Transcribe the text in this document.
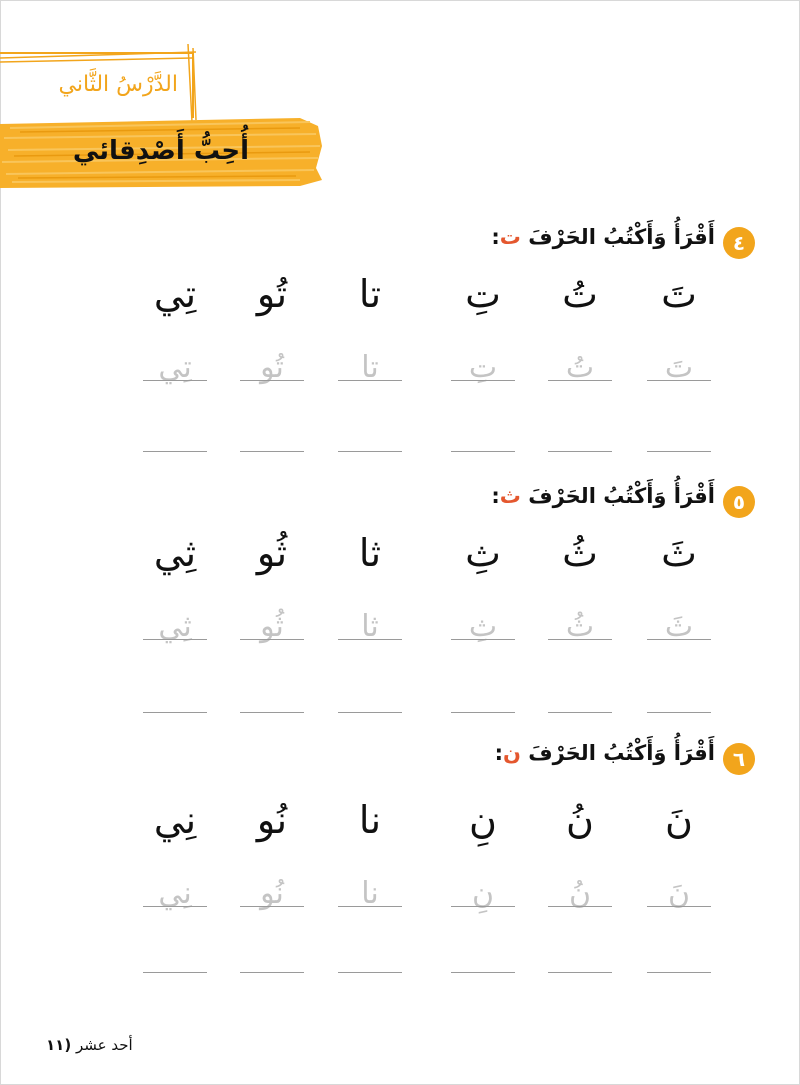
الدَّرْسُ الثَّاني
أُحِبُّ أَصْدِقائي
٤
أَقْرَأُ وَأَكْتُبُ الحَرْفَ ت:
تَ
تُ
تِ
تا
تُو
تِي
تَ
تُ
تِ
تا
تُو
تِي
٥
أَقْرَأُ وَأَكْتُبُ الحَرْفَ ث:
ثَ
ثُ
ثِ
ثا
ثُو
ثِي
ثَ
ثُ
ثِ
ثا
ثُو
ثِي
٦
أَقْرَأُ وَأَكْتُبُ الحَرْفَ ن:
نَ
نُ
نِ
نا
نُو
نِي
نَ
نُ
نِ
نا
نُو
نِي
أحد عشر (١١
